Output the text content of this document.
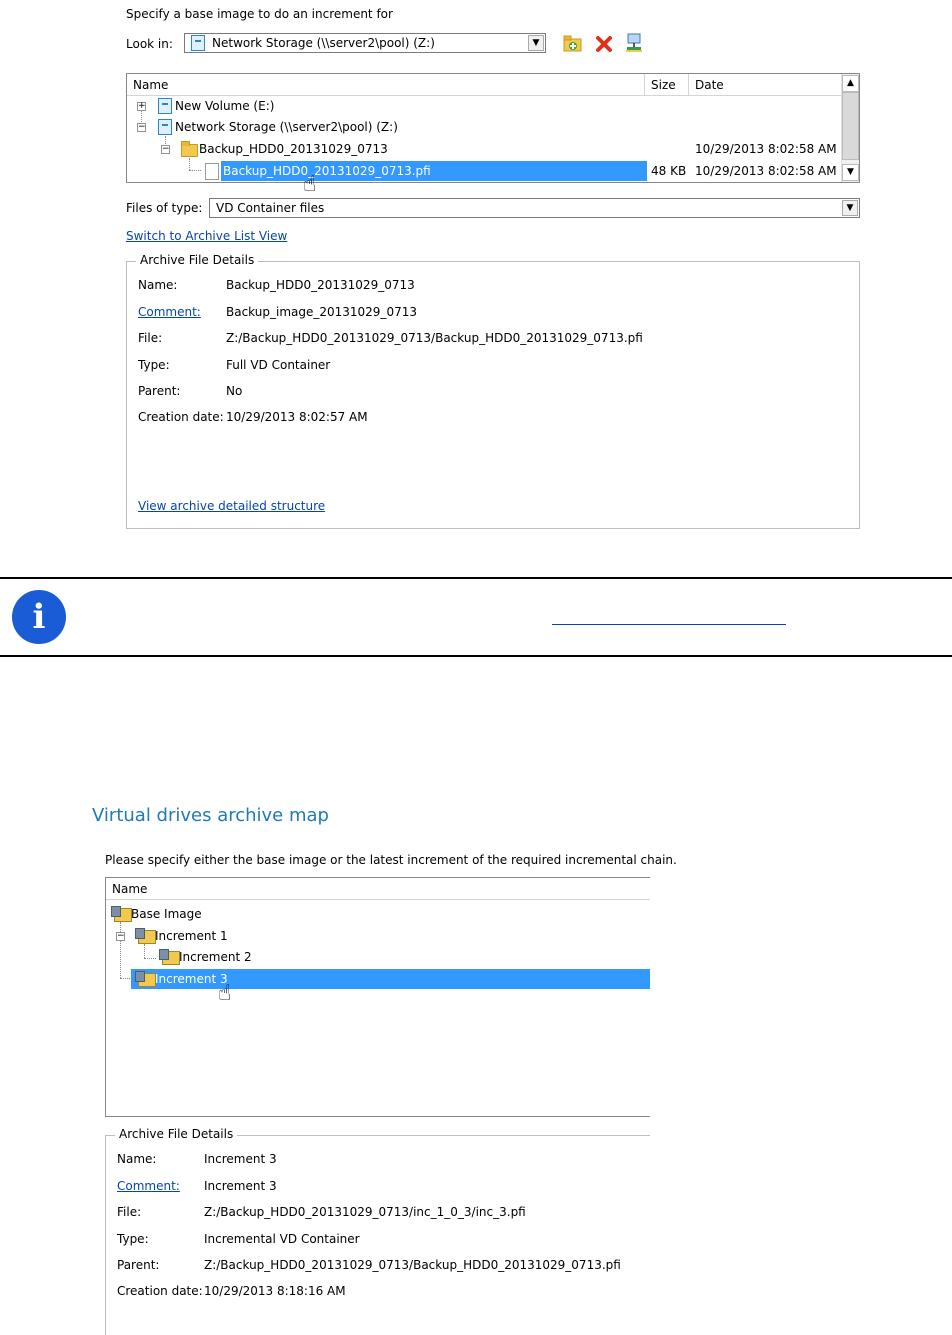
Specify a base image to do an increment for
Look in:	Network Storage (\\server2\pool) (Z:)	▼
Name	Size	Date
+ New Volume (E:)
− Network Storage (\\server2\pool) (Z:)
− Backup_HDD0_20131029_0713	10/29/2013 8:02:58 AM
Backup_HDD0_20131029_0713.pfi	48 KB 10/29/2013 8:02:58 AM
▲
▼
☝
Files of type: VD Container files	▼
Switch to Archive List View
Archive File Details
Name:	Backup_HDD0_20131029_0713
Comment: Backup_image_20131029_0713
File:	Z:/Backup_HDD0_20131029_0713/Backup_HDD0_20131029_0713.pfi
Type:	Full VD Container
Parent:	No
Creation date: 10/29/2013 8:02:57 AM
View archive detailed structure
i
Virtual drives archive map
Please specify either the base image or the latest increment of the required incremental chain.
Name
Base Image
−	Increment 1
Increment 2
Increment 3
☝
Archive File Details
Name:	Increment 3
Comment: Increment 3
File:	Z:/Backup_HDD0_20131029_0713/inc_1_0_3/inc_3.pfi
Type:	Incremental VD Container
Parent:	Z:/Backup_HDD0_20131029_0713/Backup_HDD0_20131029_0713.pfi
Creation date: 10/29/2013 8:18:16 AM
